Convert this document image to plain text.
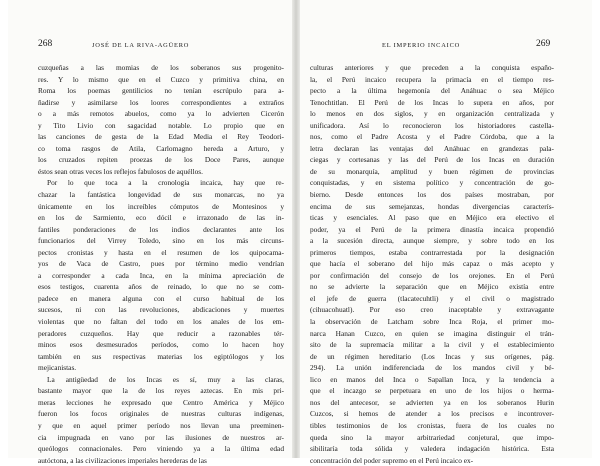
268	JOSÉ DE LA RIVA-AGÜERO
cuzqueñas a las momias de los soberanos sus progenito-
res. Y lo mismo que en el Cuzco y primitiva china, en
Roma los poemas gentilicios no tenían escrúpulo para a-
ñadirse y asimilarse los loores correspondientes a extraños
o a más remotos abuelos, como ya lo advierten Cicerón
y Tito Livio con sagacidad notable. Lo propio que en
las canciones de gesta de la Edad Media el Rey Teodori-
co toma rasgos de Atila, Carlomagno hereda a Arturo, y
los cruzados repiten proezas de los Doce Pares, aunque
éstos sean otras veces los reflejos fabulosos de aquéllos.
Por lo que toca a la cronología incaica, hay que re-
chazar la fantástica longevidad de sus monarcas, no ya
únicamente en los increíbles cómputos de Montesinos y
en los de Sarmiento, eco dócil e irrazonado de las in-
fantiles ponderaciones de los indios declarantes ante los
funcionarios del Virrey Toledo, sino en los más circuns-
pectos cronistas y hasta en el resumen de los quipocama-
yos de Vaca de Castro, pues por término medio vendrían
a corresponder a cada Inca, en la mínima apreciación de
esos testigos, cuarenta años de reinado, lo que no se com-
padece en manera alguna con el curso habitual de los
sucesos, ni con las revoluciones, abdicaciones y muertes
violentas que no faltan del todo en los anales de los em-
peradores cuzqueños. Hay que reducir a razonables tér-
minos esos desmesurados períodos, como lo hacen hoy
también en sus respectivas materias los egiptólogos y los
mejicanistas.
La antigüedad de los Incas es sí, muy a las claras,
bastante mayor que la de los reyes aztecas. En mis pri-
meras lecciones he expresado que Centro América y Méjico
fueron los focos originales de nuestras culturas indígenas,
y que en aquel primer período nos llevan una preeminen-
cia impugnada en vano por las ilusiones de nuestros ar-
queólogos connacionales. Pero viniendo ya a la última edad
autóctona, a las civilizaciones imperiales herederas de las
EL IMPERIO INCAICO	269
culturas anteriores y que preceden a la conquista españo-
la, el Perú incaico recupera la primacía en el tiempo res-
pecto a la última hegemonía del Anáhuac o sea Méjico
Tenochtitlan. El Perú de los Incas lo supera en años, por
lo menos en dos siglos, y en organización centralizada y
unificadora. Así lo reconocieron los historiadores castella-
nos, como el Padre Acosta y el Padre Córdoba, que a la
letra declaran las ventajas del Anáhuac en grandezas pala-
ciegas y cortesanas y las del Perú de los Incas en duración
de su monarquía, amplitud y buen régimen de provincias
conquistadas, y en sistema político y concentración de go-
bierno. Desde entonces los dos países mostraban, por
encima de sus semejanzas, hondas divergencias caracterís-
ticas y esenciales. Al paso que en Méjico era electivo el
poder, ya el Perú de la primera dinastía incaica propendió
a la sucesión directa, aunque siempre, y sobre todo en los
primeros tiempos, estaba contrarrestada por la designación
que hacía el soberano del hijo más capaz o más acepto y
por confirmación del consejo de los orejones. En el Perú
no se advierte la separación que en Méjico existía entre
el jefe de guerra (tlacatecuhtli) y el civil o magistrado
(cihuacohuatl). Por eso creo inaceptable y extravagante
la observación de Latcham sobre Inca Roja, el primer mo-
narca Hanan Cuzco, en quien se imagina distinguir el trán-
sito de la supremacía militar a la civil y el establecimiento
de un régimen hereditario (Los Incas y sus orígenes, pág.
294). La unión indiferenciada de los mandos civil y bé-
lico en manos del Inca o Sapallan Inca, y la tendencia a
que el incazgo se perpetuara en uno de los hijos o herma-
nos del antecesor, se advierten ya en los soberanos Hurin
Cuzcos, si hemos de atender a los precisos e incontrover-
tibles testimonios de los cronistas, fuera de los cuales no
queda sino la mayor arbitrariedad conjetural, que impo-
sibilitaría toda sólida y valedera indagación histórica. Esta
concentración del poder supremo en el Perú incaico ex-
